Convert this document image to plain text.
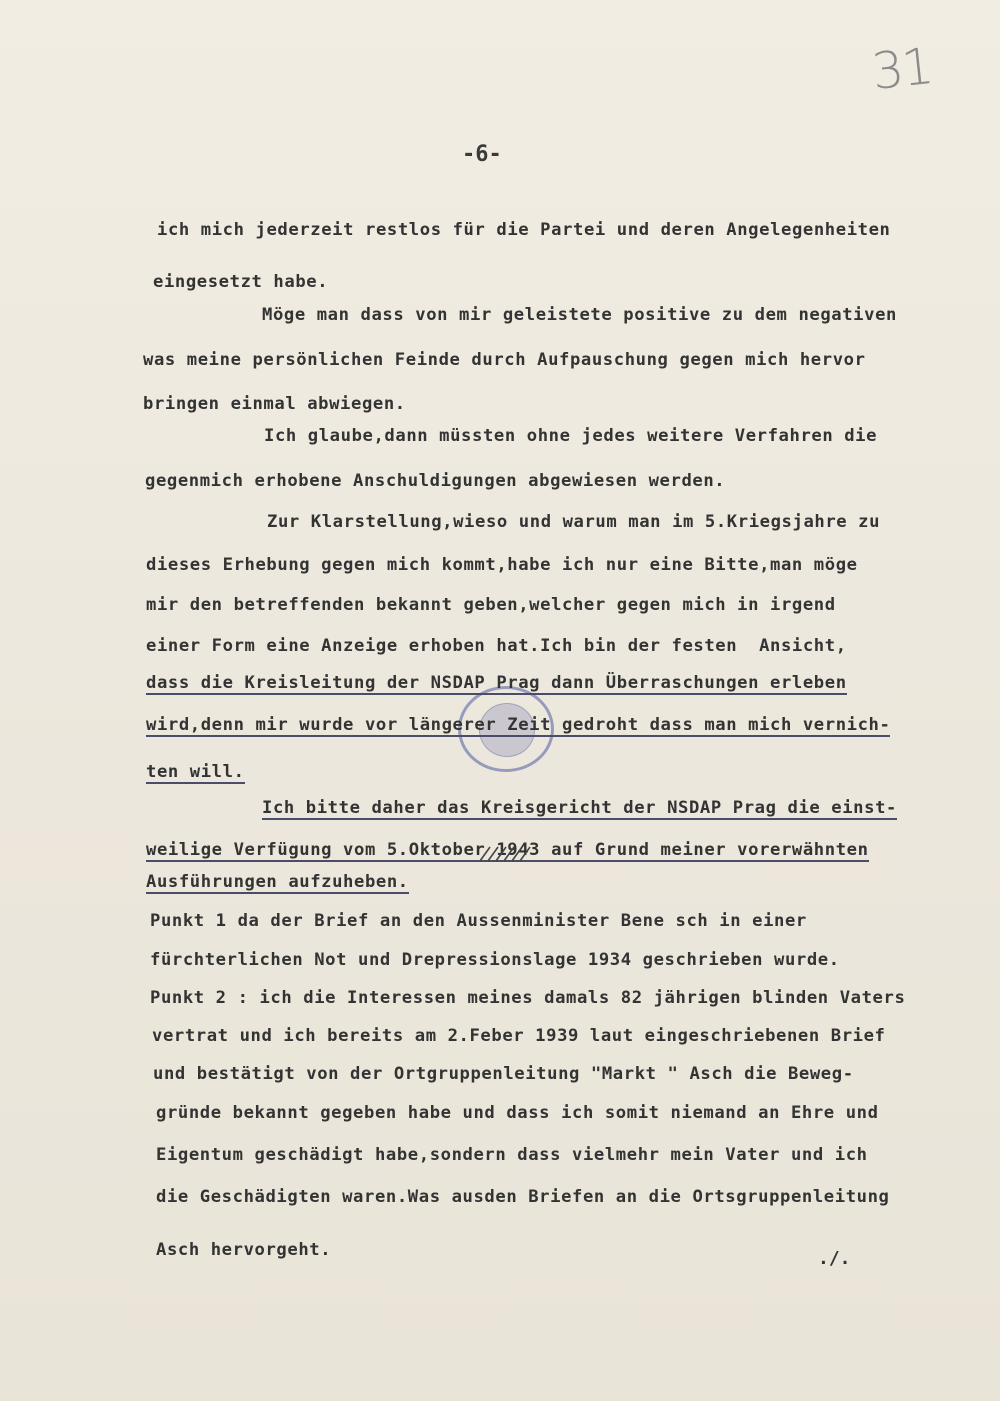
31
-6-
ich mich jederzeit restlos für die Partei und deren Angelegenheiten
eingesetzt habe.
Möge man dass von mir geleistete positive zu dem negativen
was meine persönlichen Feinde durch Aufpauschung gegen mich hervor
bringen einmal abwiegen.
Ich glaube,dann müssten ohne jedes weitere Verfahren die
gegenmich erhobene Anschuldigungen abgewiesen werden.
Zur Klarstellung,wieso und warum man im 5.Kriegsjahre zu
dieses Erhebung gegen mich kommt,habe ich nur eine Bitte,man möge
mir den betreffenden bekannt geben,welcher gegen mich in irgend
einer Form eine Anzeige erhoben hat.Ich bin der festen  Ansicht,
dass die Kreisleitung der NSDAP Prag dann Überraschungen erleben
wird,denn mir wurde vor längerer Zeit gedroht dass man mich vernich-
ten will.
Ich bitte daher das Kreisgericht der NSDAP Prag die einst-
weilige Verfügung vom 5.Oktober 1943 auf Grund meiner vorerwähnten
Ausführungen aufzuheben.
Punkt 1 da der Brief an den Aussenminister Bene sch in einer
fürchterlichen Not und Drepressionslage 1934 geschrieben wurde.
Punkt 2 : ich die Interessen meines damals 82 jährigen blinden Vaters
vertrat und ich bereits am 2.Feber 1939 laut eingeschriebenen Brief
und bestätigt von der Ortgruppenleitung "Markt " Asch die Beweg-
gründe bekannt gegeben habe und dass ich somit niemand an Ehre und
Eigentum geschädigt habe,sondern dass vielmehr mein Vater und ich
die Geschädigten waren.Was ausden Briefen an die Ortsgruppenleitung
Asch hervorgeht.	./.
